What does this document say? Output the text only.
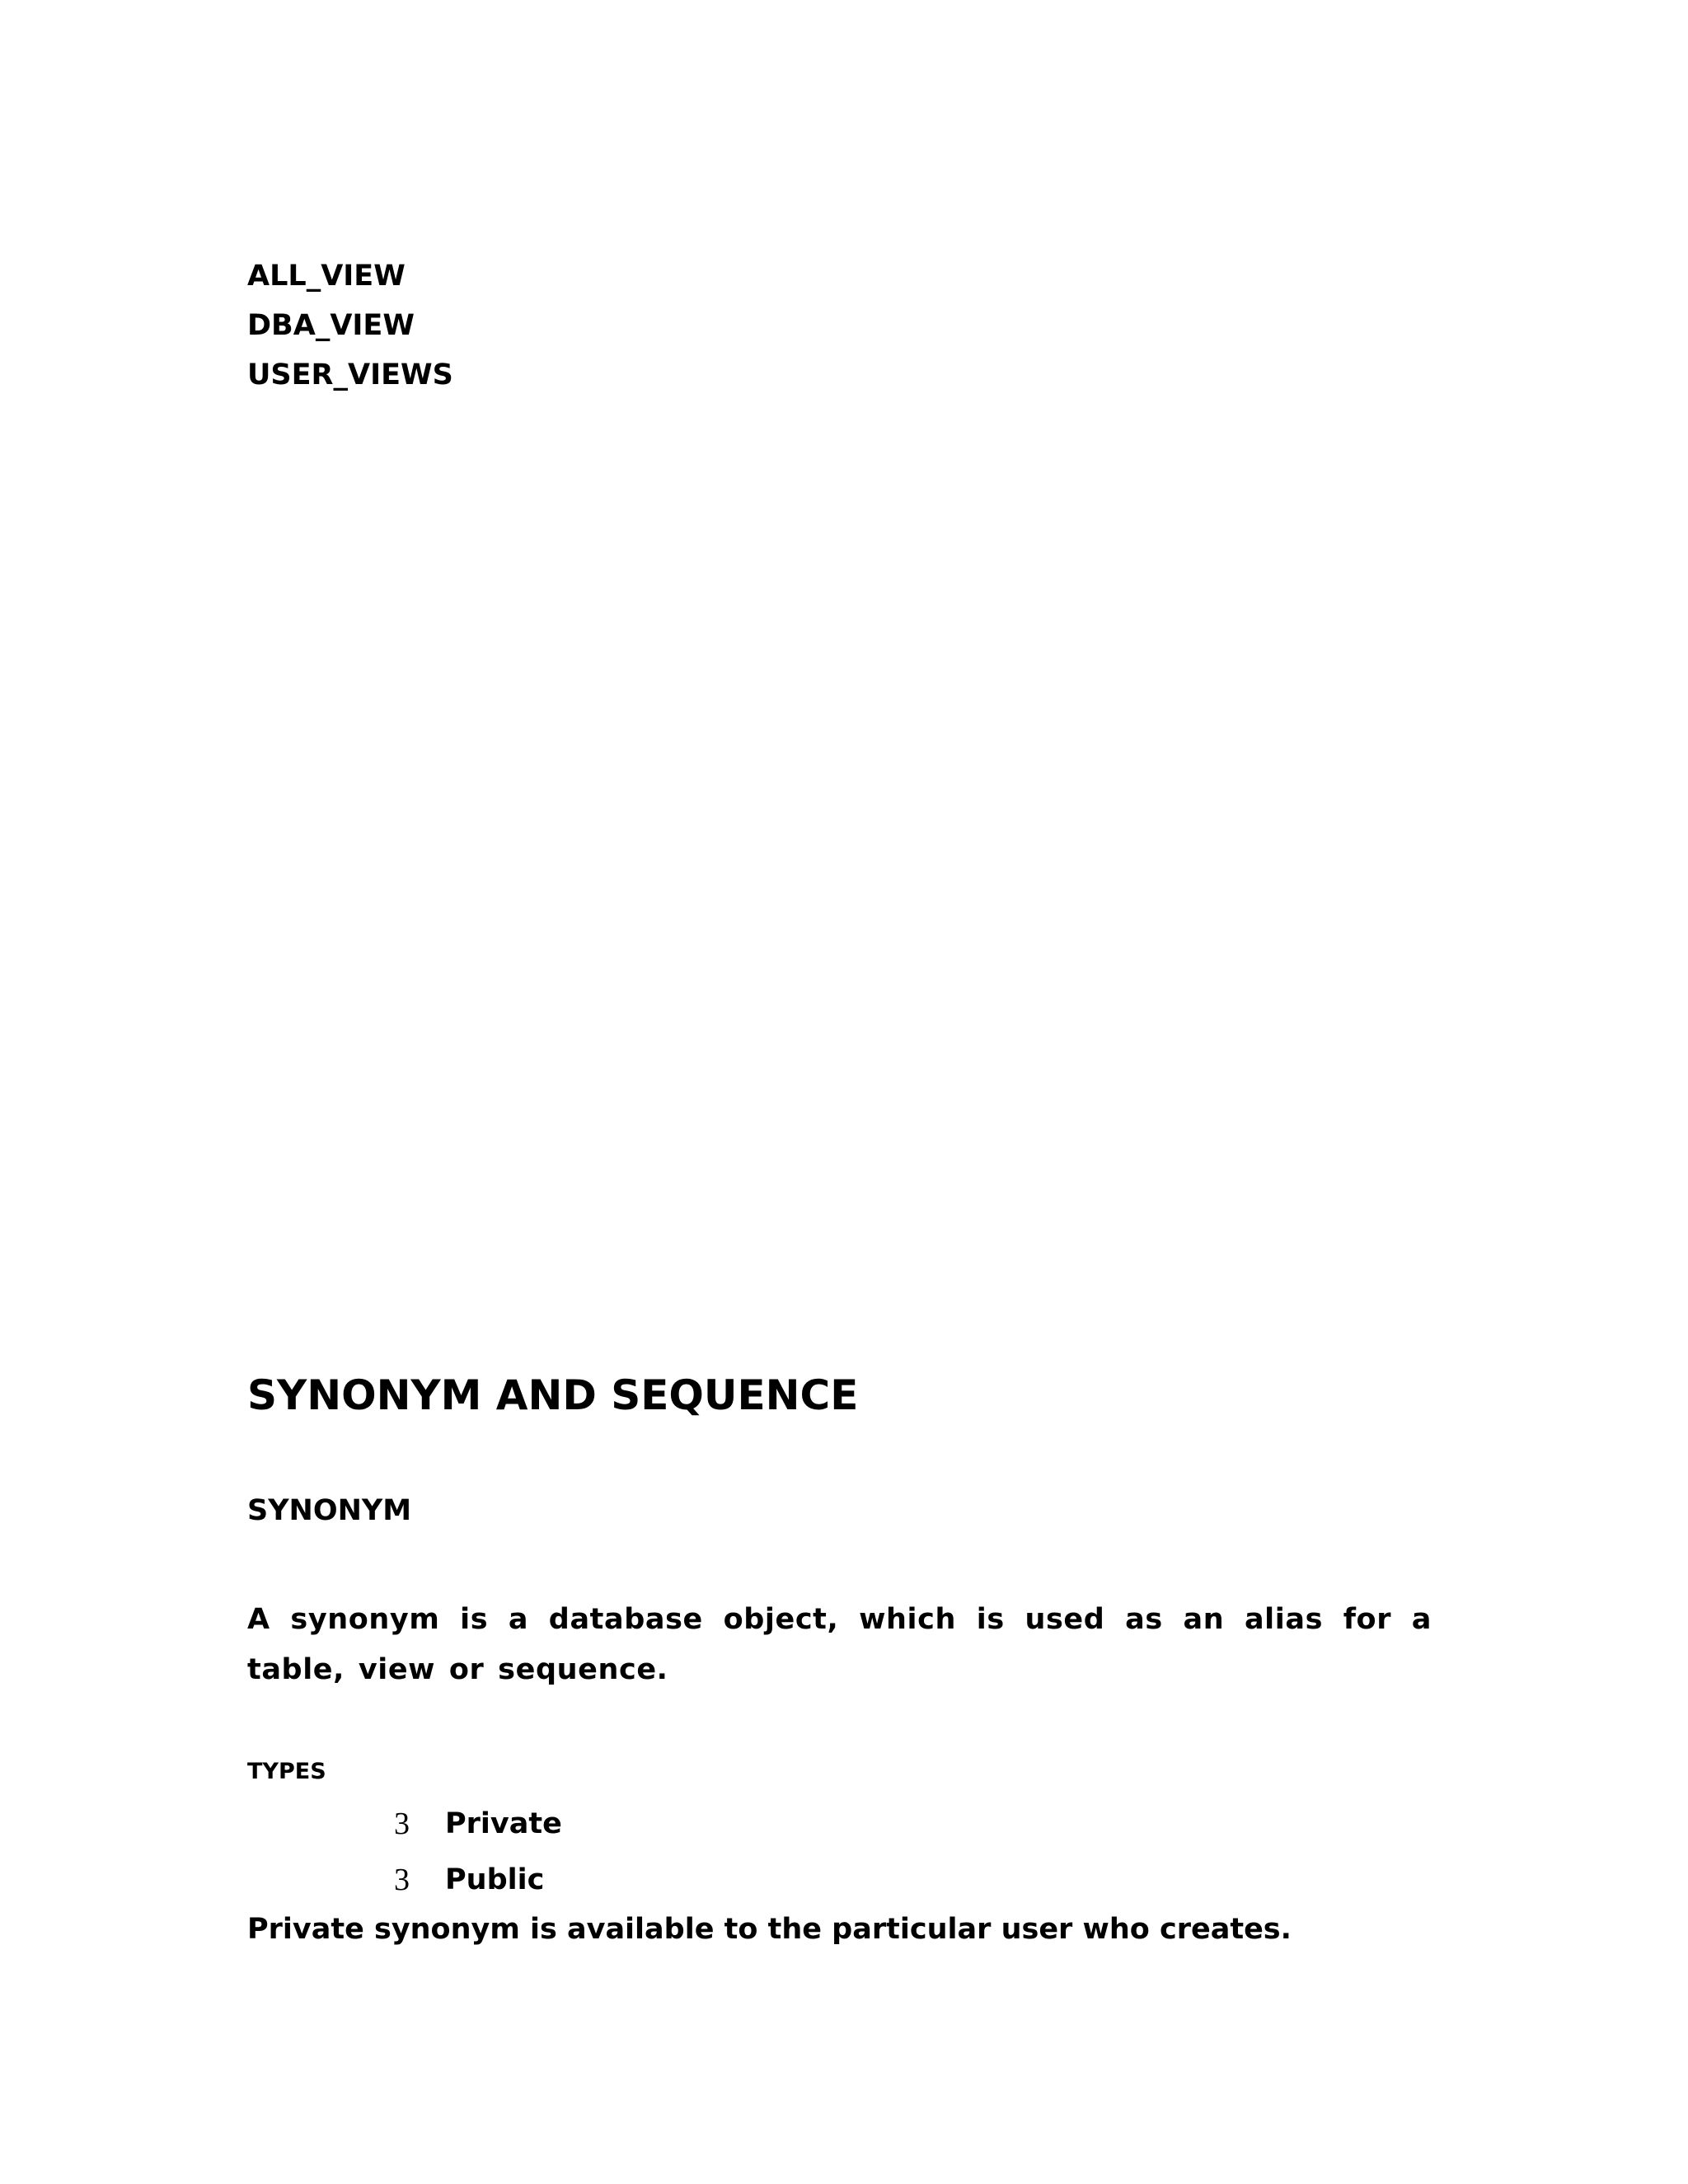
ALL_VIEW
DBA_VIEW
USER_VIEWS
SYNONYM AND SEQUENCE
SYNONYM
A synonym is a database object, which is used as an alias for a table, view or sequence.
TYPES
3	Private
3	Public
Private synonym is available to the particular user who creates.
